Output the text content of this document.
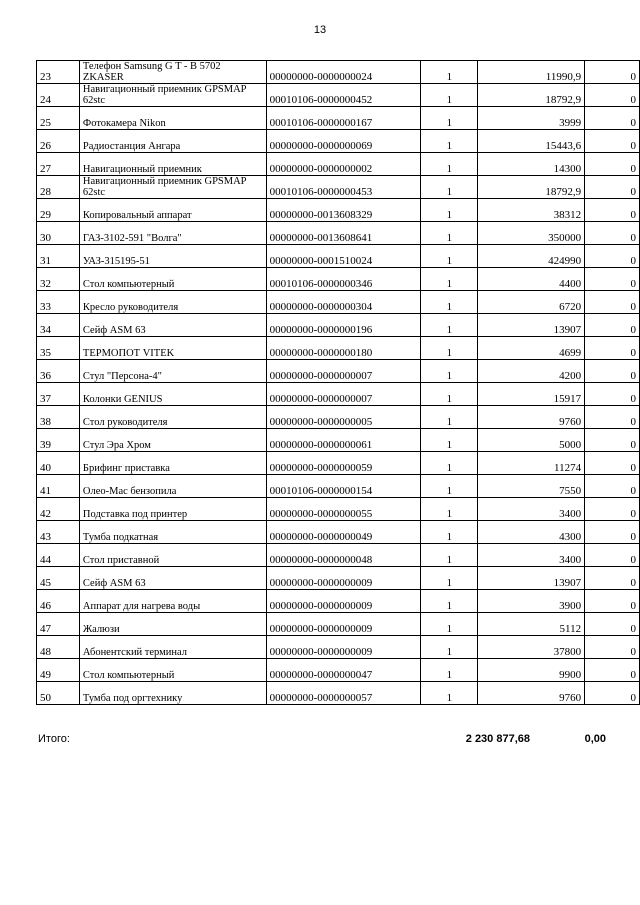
13
23	Телефон Samsung G T - B 5702 ZKASER	00000000-0000000024	1	11990,9	0
24	Навигационный приемник GPSMAP 62stc	00010106-0000000452	1	18792,9	0
25	Фотокамера Nikon	00010106-0000000167	1	3999	0
26	Радиостанция Ангара	00000000-0000000069	1	15443,6	0
27	Навигационный приемник	00000000-0000000002	1	14300	0
28	Навигационный приемник GPSMAP 62stc	00010106-0000000453	1	18792,9	0
29	Копировальный аппарат	00000000-0013608329	1	38312	0
30	ГАЗ-3102-591 "Волга"	00000000-0013608641	1	350000	0
31	УАЗ-315195-51	00000000-0001510024	1	424990	0
32	Стол компьютерный	00010106-0000000346	1	4400	0
33	Кресло руководителя	00000000-0000000304	1	6720	0
34	Сейф ASM 63	00000000-0000000196	1	13907	0
35	ТЕРМОПОТ VITEK	00000000-0000000180	1	4699	0
36	Стул "Персона-4"	00000000-0000000007	1	4200	0
37	Колонки GENIUS	00000000-0000000007	1	15917	0
38	Стол руководителя	00000000-0000000005	1	9760	0
39	Стул Эра Хром	00000000-0000000061	1	5000	0
40	Брифинг приставка	00000000-0000000059	1	11274	0
41	Олео-Мас бензопила	00010106-0000000154	1	7550	0
42	Подставка под принтер	00000000-0000000055	1	3400	0
43	Тумба подкатная	00000000-0000000049	1	4300	0
44	Стол приставной	00000000-0000000048	1	3400	0
45	Сейф ASM 63	00000000-0000000009	1	13907	0
46	Аппарат для нагрева воды	00000000-0000000009	1	3900	0
47	Жалюзи	00000000-0000000009	1	5112	0
48	Абонентский терминал	00000000-0000000009	1	37800	0
49	Стол компьютерный	00000000-0000000047	1	9900	0
50	Тумба под оргтехнику	00000000-0000000057	1	9760	0
Итого:	2 230 877,68	0,00
